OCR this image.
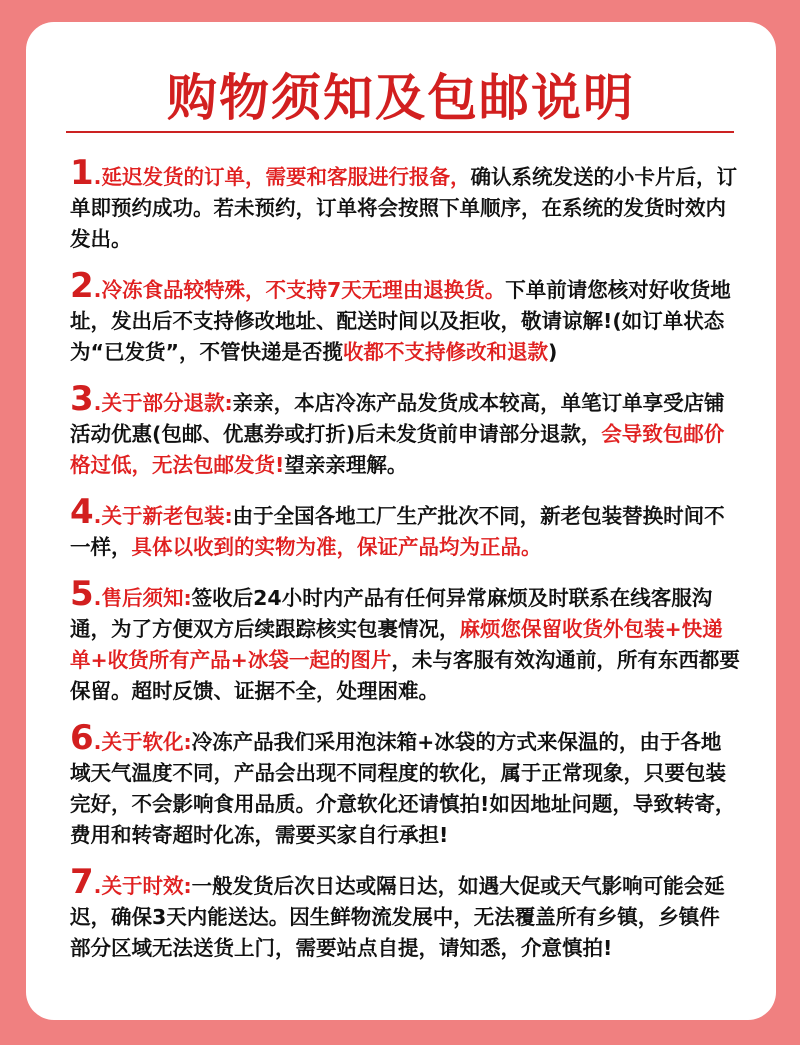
购物须知及包邮说明

1.延迟发货的订单，需要和客服进行报备，确认系统发送的小卡片后，订单即预约成功。若未预约，订单将会按照下单顺序，在系统的发货时效内发出。

2.冷冻食品较特殊，不支持7天无理由退换货。下单前请您核对好收货地址，发出后不支持修改地址、配送时间以及拒收，敬请谅解!(如订单状态为“已发货”，不管快递是否揽收都不支持修改和退款)

3.关于部分退款:亲亲，本店冷冻产品发货成本较高，单笔订单享受店铺活动优惠(包邮、优惠券或打折)后未发货前申请部分退款，会导致包邮价格过低，无法包邮发货!望亲亲理解。

4.关于新老包装:由于全国各地工厂生产批次不同，新老包装替换时间不一样，具体以收到的实物为准，保证产品均为正品。

5.售后须知:签收后24小时内产品有任何异常麻烦及时联系在线客服沟通，为了方便双方后续跟踪核实包裹情况，麻烦您保留收货外包装+快递单+收货所有产品+冰袋一起的图片，未与客服有效沟通前，所有东西都要保留。超时反馈、证据不全，处理困难。

6.关于软化:冷冻产品我们采用泡沫箱+冰袋的方式来保温的，由于各地域天气温度不同，产品会出现不同程度的软化，属于正常现象，只要包装完好，不会影响食用品质。介意软化还请慎拍!如因地址问题，导致转寄，费用和转寄超时化冻，需要买家自行承担!

7.关于时效:一般发货后次日达或隔日达，如遇大促或天气影响可能会延迟，确保3天内能送达。因生鲜物流发展中，无法覆盖所有乡镇，乡镇件部分区域无法送货上门，需要站点自提，请知悉，介意慎拍!
